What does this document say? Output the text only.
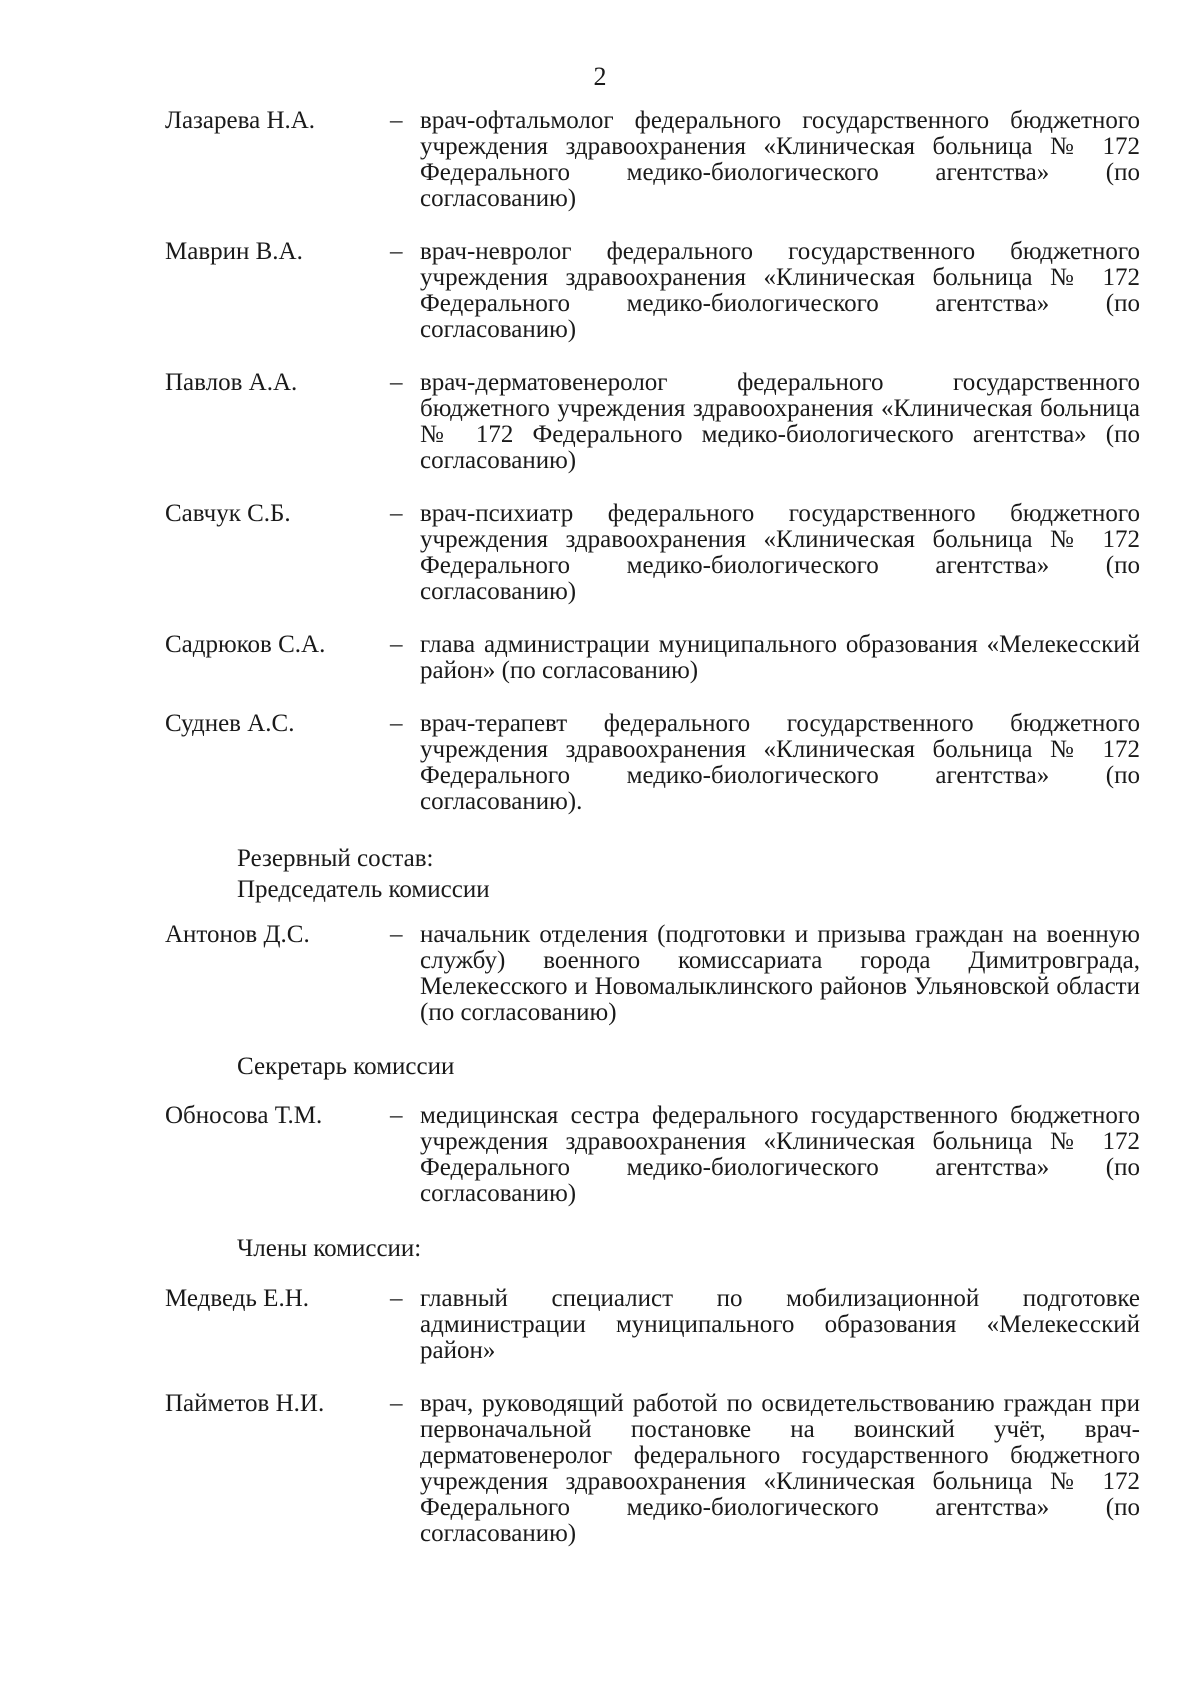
2
Лазарева Н.А.	– врач-офтальмолог федерального государственного бюджетного учреждения здравоохранения «Клиническая больница № 172 Федерального медико-биологического агентства» (по согласованию)
Маврин В.А.	– врач-невролог федерального государственного бюджетного учреждения здравоохранения «Клиническая больница № 172 Федерального медико-биологического агентства» (по согласованию)
Павлов А.А.	– врач-дерматовенеролог федерального государственного бюджетного учреждения здравоохранения «Клиническая больница № 172 Федерального медико-биологического агентства» (по согласованию)
Савчук С.Б.	– врач-психиатр федерального государственного бюджетного учреждения здравоохранения «Клиническая больница № 172 Федерального медико-биологического агентства» (по согласованию)
Садрюков С.А.	– глава администрации муниципального образования «Мелекесский район» (по согласованию)
Суднев А.С.	– врач-терапевт федерального государственного бюджетного учреждения здравоохранения «Клиническая больница № 172 Федерального медико-биологического агентства» (по согласованию).
Резервный состав:
Председатель комиссии
Антонов Д.С.	– начальник отделения (подготовки и призыва граждан на военную службу) военного комиссариата города Димитровграда, Мелекесского и Новомалыклинского районов Ульяновской области (по согласованию)
Секретарь комиссии
Обносова Т.М.	– медицинская сестра федерального государственного бюджетного учреждения здравоохранения «Клиническая больница № 172 Федерального медико-биологического агентства» (по согласованию)
Члены комиссии:
Медведь Е.Н.	– главный специалист по мобилизационной подготовке администрации муниципального образования «Мелекесский район»
Пайметов Н.И.	– врач, руководящий работой по освидетельствованию граждан при первоначальной постановке на воинский учёт, врач-дерматовенеролог федерального государственного бюджетного учреждения здравоохранения «Клиническая больница № 172 Федерального медико-биологического агентства» (по согласованию)
